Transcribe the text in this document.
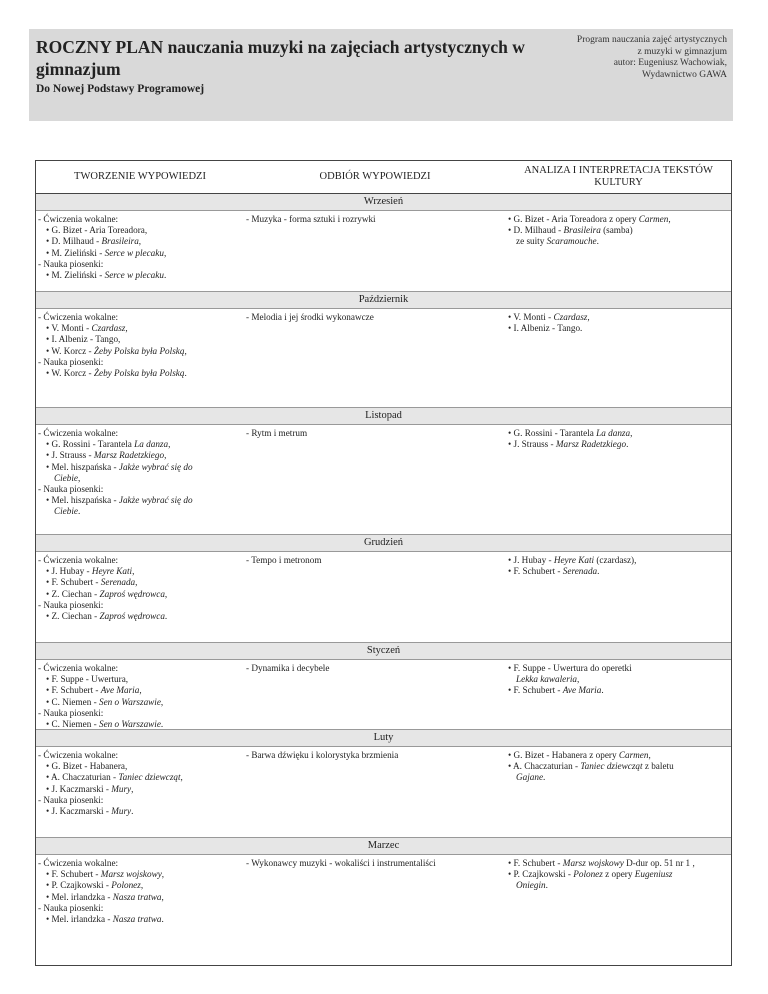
ROCZNY PLAN nauczania muzyki na zajęciach artystycznych w gimnazjum
Do Nowej Podstawy Programowej
Program nauczania zajęć artystycznych
z muzyki w gimnazjum
autor: Eugeniusz Wachowiak,
Wydawnictwo GAWA
TWORZENIE WYPOWIEDZI	ODBIÓR WYPOWIEDZI
ANALIZA I INTERPRETACJA TEKSTÓW KULTURY
Wrzesień
- Ćwiczenia wokalne:
• G. Bizet - Aria Toreadora,
• D. Milhaud - Brasileira,
• M. Zieliński - Serce w plecaku,
- Nauka piosenki:
• M. Zieliński - Serce w plecaku.
- Muzyka - forma sztuki i rozrywki	• G. Bizet - Aria Toreadora z opery Carmen,
• D. Milhaud - Brasileira (samba)
ze suity Scaramouche.
Październik
- Ćwiczenia wokalne:
• V. Monti - Czardasz,
• I. Albeniz - Tango,
• W. Korcz - Żeby Polska była Polską,
- Nauka piosenki:
• W. Korcz - Żeby Polska była Polską.
- Melodia i jej środki wykonawcze	• V. Monti - Czardasz,
• I. Albeniz - Tango.
Listopad
- Ćwiczenia wokalne:
• G. Rossini - Tarantela La danza,
• J. Strauss - Marsz Radetzkiego,
• Mel. hiszpańska - Jakże wybrać się do
Ciebie,
- Nauka piosenki:
• Mel. hiszpańska - Jakże wybrać się do
Ciebie.
- Rytm i metrum	• G. Rossini - Tarantela La danza,
• J. Strauss - Marsz Radetzkiego.
Grudzień
- Ćwiczenia wokalne:
• J. Hubay - Heyre Kati,
• F. Schubert - Serenada,
• Z. Ciechan - Zaproś wędrowca,
- Nauka piosenki:
• Z. Ciechan - Zaproś wędrowca.
- Tempo i metronom	• J. Hubay - Heyre Kati (czardasz),
• F. Schubert - Serenada.
Styczeń
- Ćwiczenia wokalne:
• F. Suppe - Uwertura,
• F. Schubert - Ave Maria,
• C. Niemen - Sen o Warszawie,
- Nauka piosenki:
• C. Niemen - Sen o Warszawie.
- Dynamika i decybele	• F. Suppe - Uwertura do operetki
Lekka kawaleria,
• F. Schubert - Ave Maria.
Luty
- Ćwiczenia wokalne:
• G. Bizet - Habanera,
• A. Chaczaturian - Taniec dziewcząt,
• J. Kaczmarski - Mury,
- Nauka piosenki:
• J. Kaczmarski - Mury.
- Barwa dźwięku i kolorystyka brzmienia	• G. Bizet - Habanera z opery Carmen,
• A. Chaczaturian - Taniec dziewcząt z baletu
Gajane.
Marzec
- Ćwiczenia wokalne:
• F. Schubert - Marsz wojskowy,
• P. Czajkowski - Polonez,
• Mel. irlandzka - Nasza tratwa,
- Nauka piosenki:
• Mel. irlandzka - Nasza tratwa.
- Wykonawcy muzyki - wokaliści i instrumentaliści	• F. Schubert - Marsz wojskowy D-dur op. 51 nr 1 ,
• P. Czajkowski - Polonez z opery Eugeniusz
Oniegin.
